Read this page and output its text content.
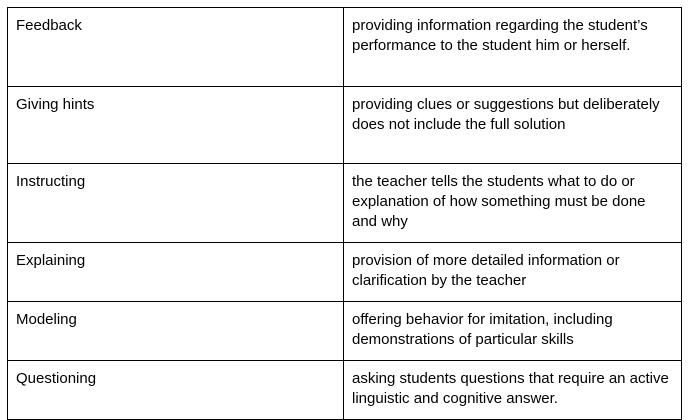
Feedback	providing information regarding the student’s performance to the student him or herself.
Giving hints	providing clues or suggestions but deliberately does not include the full solution
Instructing	the teacher tells the students what to do or explanation of how something must be done and why
Explaining	provision of more detailed information or clarification by the teacher
Modeling	offering behavior for imitation, including demonstrations of particular skills
Questioning	asking students questions that require an active linguistic and cognitive answer.
